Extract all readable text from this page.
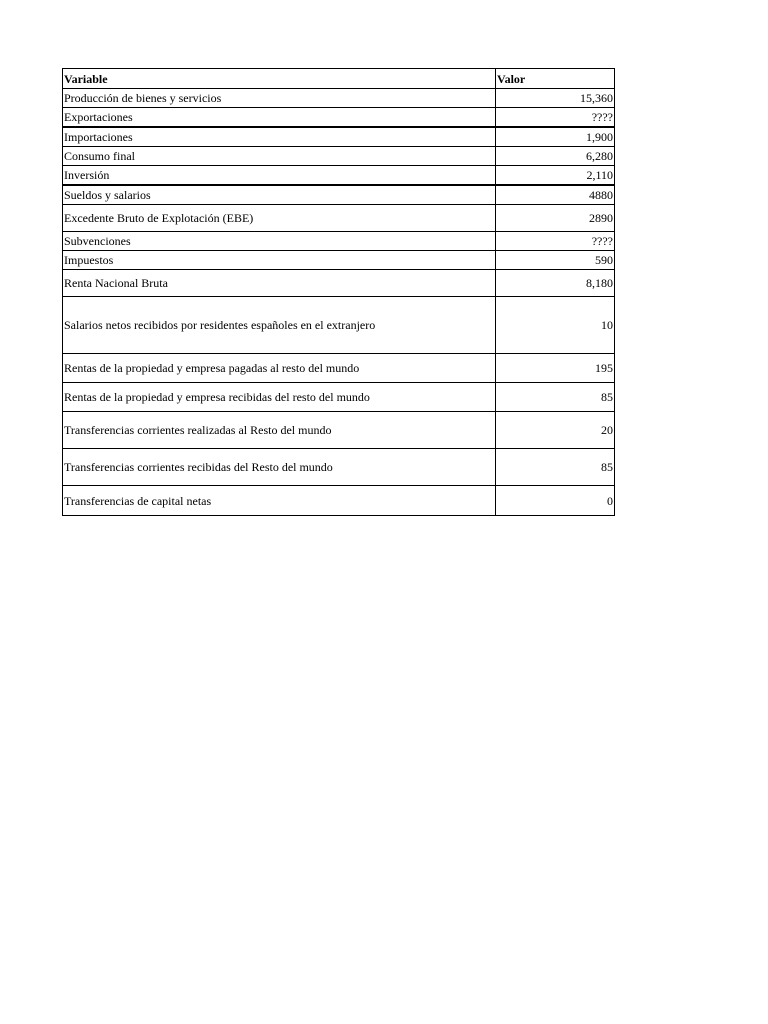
Variable	Valor
Producción de bienes y servicios	15,360
Exportaciones	????
Importaciones	1,900
Consumo final	6,280
Inversión	2,110
Sueldos y salarios	4880
Excedente Bruto de Explotación (EBE)	2890
Subvenciones	????
Impuestos	590
Renta Nacional Bruta	8,180
Salarios netos recibidos por residentes españoles en el extranjero	10
Rentas de la propiedad y empresa pagadas al resto del mundo	195
Rentas de la propiedad y empresa recibidas del resto del mundo	85
Transferencias corrientes realizadas al Resto del mundo	20
Transferencias corrientes recibidas del Resto del mundo	85
Transferencias de capital netas	0
